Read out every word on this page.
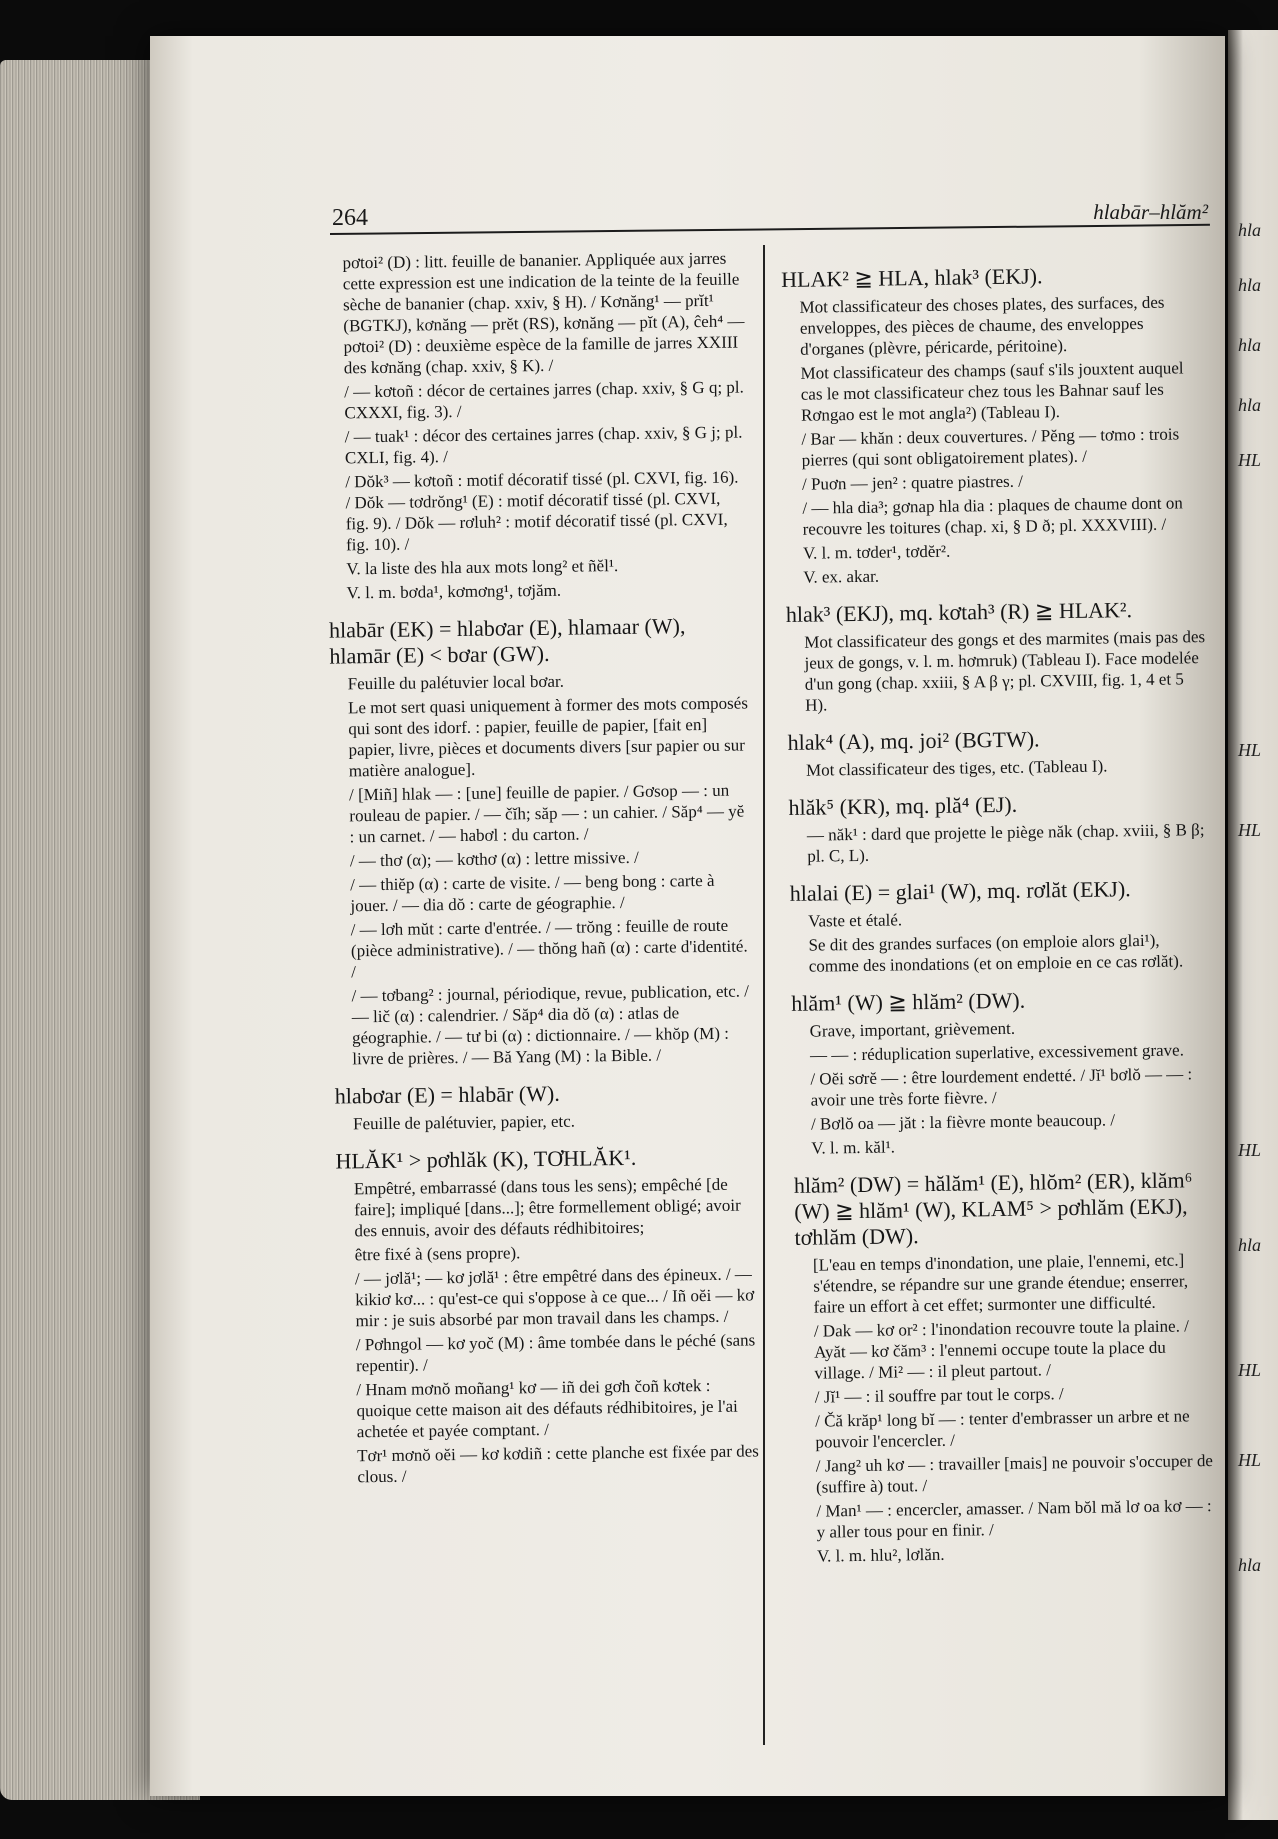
hla
hla
hla
hla
HL
HL
HL
HL
hla
HL
HL
hla
264	hlabār–hlăm²

pơtoi² (D) : litt. feuille de bananier. Appliquée aux jarres cette expression est une indication de la teinte de la feuille sèche de bananier (chap. xxiv, § H). / Kơnăng¹ — prĭt¹ (BGTKJ), kơnăng — prĕt (RS), kơnăng — pĭt (A), ĉeh⁴ — pơtoi² (D) : deuxième espèce de la famille de jarres XXIII des kơnăng (chap. xxiv, § K). /

/ — kơtoñ : décor de certaines jarres (chap. xxiv, § G q; pl. CXXXI, fig. 3). /

/ — tuak¹ : décor des certaines jarres (chap. xxiv, § G j; pl. CXLI, fig. 4). /

/ Dŏk³ — kơtoñ : motif décoratif tissé (pl. CXVI, fig. 16). / Dŏk — tơdrŏng¹ (E) : motif décoratif tissé (pl. CXVI, fig. 9). / Dŏk — rơluh² : motif décoratif tissé (pl. CXVI, fig. 10). /

V. la liste des hla aux mots long² et ñĕl¹.

V. l. m. bơda¹, kơmơng¹, tơjăm.

hlabār (EK) = hlabơar (E), hlamaar (W), hlamār (E) < bơar (GW).

Feuille du palétuvier local bơar.

Le mot sert quasi uniquement à former des mots composés qui sont des idorf. : papier, feuille de papier, [fait en] papier, livre, pièces et documents divers [sur papier ou sur matière analogue].

/ [Miñ] hlak — : [une] feuille de papier. / Gơsop — : un rouleau de papier. / — čĭh; săp — : un cahier. / Săp⁴ — yĕ : un carnet. / — habơl : du carton. /

/ — thơ (α); — kơthơ (α) : lettre missive. /

/ — thiĕp (α) : carte de visite. / — beng bong : carte à jouer. / — dia dŏ : carte de géographie. /

/ — lơh mŭt : carte d'entrée. / — trŏng : feuille de route (pièce administrative). / — thŏng hañ (α) : carte d'identité. /

/ — tơbang² : journal, périodique, revue, publication, etc. / — lič (α) : calendrier. / Săp⁴ dia dŏ (α) : atlas de géographie. / — tư bi (α) : dictionnaire. / — khŏp (M) : livre de prières. / — Bă Yang (M) : la Bible. /

hlabơar (E) = hlabār (W).

Feuille de palétuvier, papier, etc.

HLĂK¹ > pơhlăk (K), TƠHLĂK¹.

Empêtré, embarrassé (dans tous les sens); empêché [de faire]; impliqué [dans...]; être formellement obligé; avoir des ennuis, avoir des défauts rédhibitoires;

être fixé à (sens propre).

/ — jơlă¹; — kơ jơlă¹ : être empêtré dans des épineux. / — kikiơ kơ... : qu'est-ce qui s'oppose à ce que... / Iñ oĕi — kơ mir : je suis absorbé par mon travail dans les champs. /

/ Pơhngol — kơ yoč (M) : âme tombée dans le péché (sans repentir). /

/ Hnam mơnŏ moñang¹ kơ — iñ dei gơh čoñ kơtek : quoique cette maison ait des défauts rédhibitoires, je l'ai achetée et payée comptant. /

Tơr¹ mơnŏ oĕi — kơ kơdiñ : cette planche est fixée par des clous. /

HLAK² ≧ HLA, hlak³ (EKJ).

Mot classificateur des choses plates, des surfaces, des enveloppes, des pièces de chaume, des enveloppes d'organes (plèvre, péricarde, péritoine).

Mot classificateur des champs (sauf s'ils jouxtent auquel cas le mot classificateur chez tous les Bahnar sauf les Rơngao est le mot angla²) (Tableau I).

/ Bar — khăn : deux couvertures. / Pĕng — tơmo : trois pierres (qui sont obligatoirement plates). /

/ Puơn — jen² : quatre piastres. /

/ — hla dia³; gơnap hla dia : plaques de chaume dont on recouvre les toitures (chap. xi, § D ð; pl. XXXVIII). /

V. l. m. tơder¹, tơdĕr².

V. ex. akar.

hlak³ (EKJ), mq. kơtah³ (R) ≧ HLAK².

Mot classificateur des gongs et des marmites (mais pas des jeux de gongs, v. l. m. hơmruk) (Tableau I). Face modelée d'un gong (chap. xxiii, § A β γ; pl. CXVIII, fig. 1, 4 et 5 H).

hlak⁴ (A), mq. joi² (BGTW).

Mot classificateur des tiges, etc. (Tableau I).

hlăk⁵ (KR), mq. plă⁴ (EJ).

— năk¹ : dard que projette le piège năk (chap. xviii, § B β; pl. C, L).

hlalai (E) = glai¹ (W), mq. rơlăt (EKJ).

Vaste et étalé.

Se dit des grandes surfaces (on emploie alors glai¹), comme des inondations (et on emploie en ce cas rơlăt).

hlăm¹ (W) ≧ hlăm² (DW).

Grave, important, grièvement.

— — : réduplication superlative, excessivement grave.

/ Oĕi sơrĕ — : être lourdement endetté. / Jĭ¹ bơlŏ — — : avoir une très forte fièvre. /

/ Bơlŏ oa — jăt : la fièvre monte beaucoup. /

V. l. m. kăl¹.

hlăm² (DW) = hălăm¹ (E), hlŏm² (ER), klăm⁶ (W) ≧ hlăm¹ (W), KLAM⁵ > pơhlăm (EKJ), tơhlăm (DW).

[L'eau en temps d'inondation, une plaie, l'ennemi, etc.] s'étendre, se répandre sur une grande étendue; enserrer, faire un effort à cet effet; surmonter une difficulté.

/ Dak — kơ or² : l'inondation recouvre toute la plaine. / Ayăt — kơ čăm³ : l'ennemi occupe toute la place du village. / Mi² — : il pleut partout. /

/ Jĭ¹ — : il souffre par tout le corps. /

/ Čă krăp¹ long bĭ — : tenter d'embrasser un arbre et ne pouvoir l'encercler. /

/ Jang² uh kơ — : travailler [mais] ne pouvoir s'occuper de (suffire à) tout. /

/ Man¹ — : encercler, amasser. / Nam bŏl mă lơ oa kơ — : y aller tous pour en finir. /

V. l. m. hlu², lơlăn.
